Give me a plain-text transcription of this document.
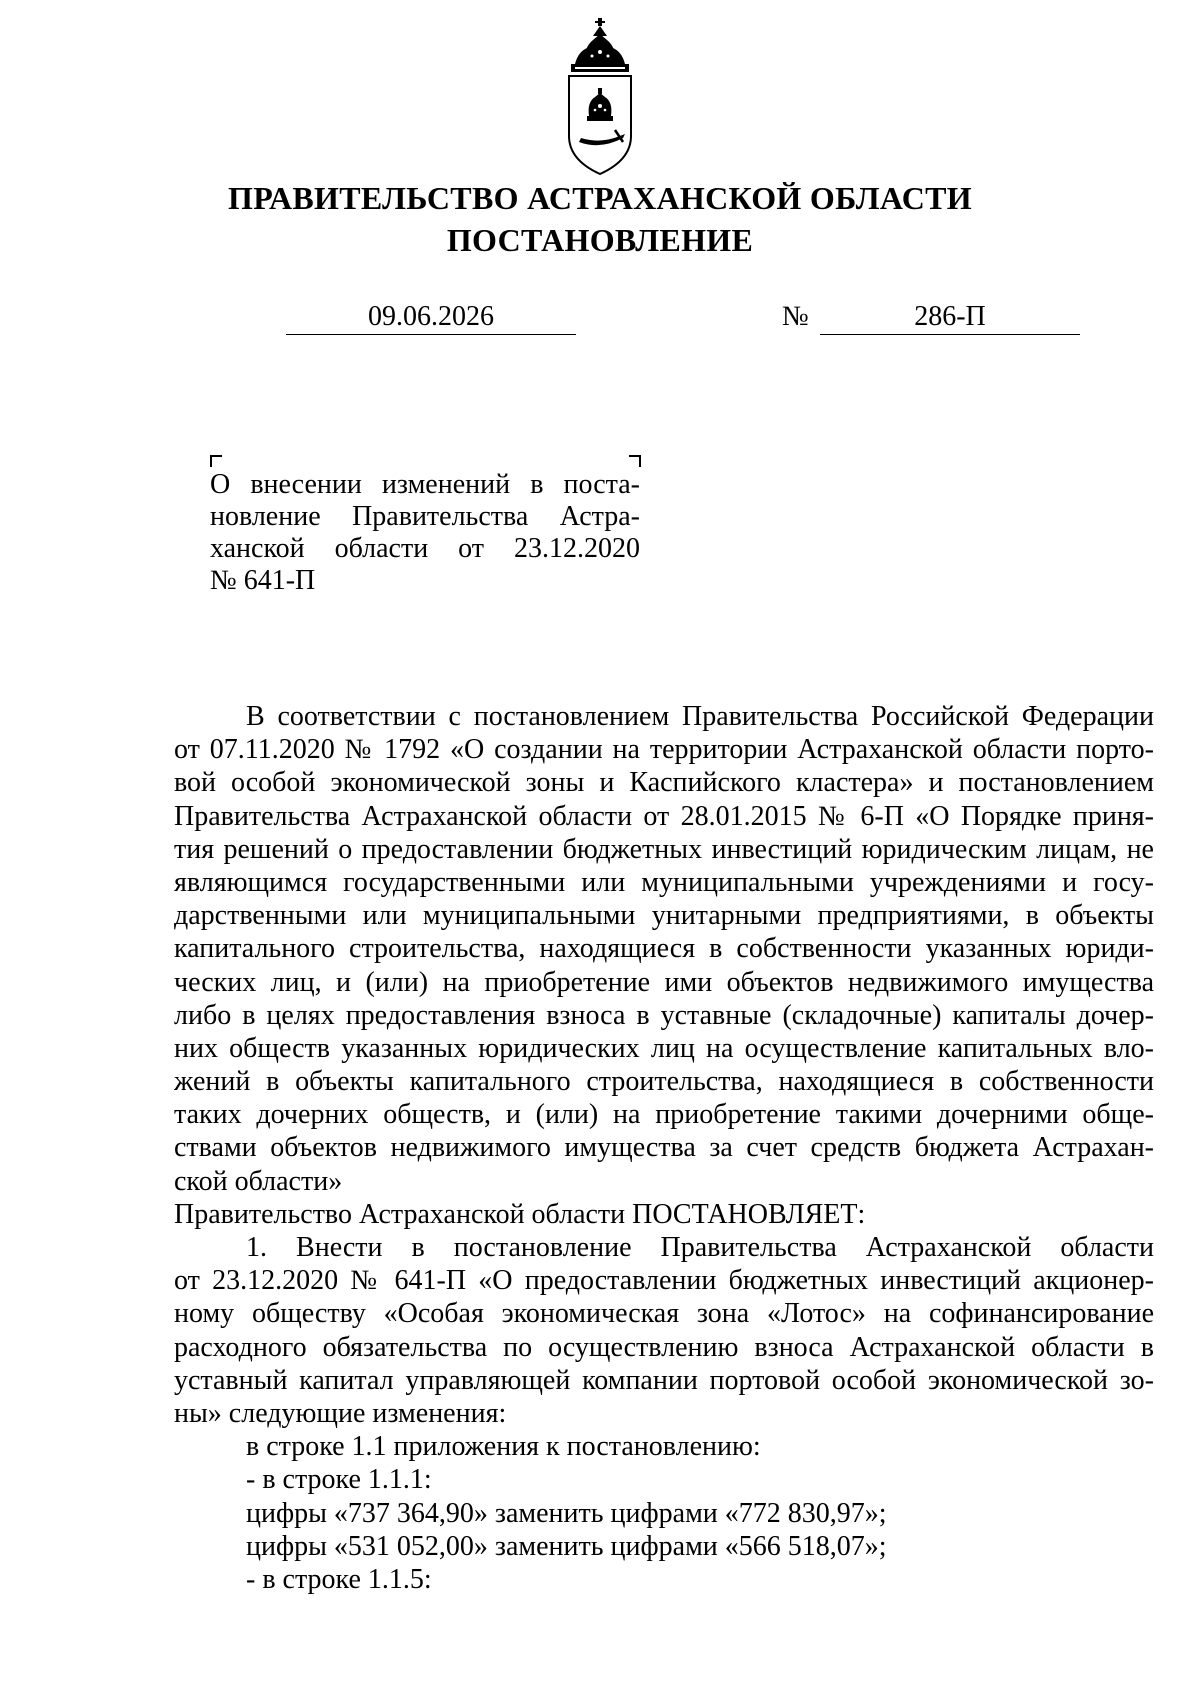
ПРАВИТЕЛЬСТВО АСТРАХАНСКОЙ ОБЛАСТИ
ПОСТАНОВЛЕНИЕ
09.06.2026	№	286-П
О внесении изменений в поста-
новление Правительства Астра-
ханской области от 23.12.2020
№ 641-П
В соответствии с постановлением Правительства Российской Федерации
от 07.11.2020 № 1792 «О создании на территории Астраханской области порто-
вой особой экономической зоны и Каспийского кластера» и постановлением
Правительства Астраханской области от 28.01.2015 № 6-П «О Порядке приня-
тия решений о предоставлении бюджетных инвестиций юридическим лицам, не
являющимся государственными или муниципальными учреждениями и госу-
дарственными или муниципальными унитарными предприятиями, в объекты
капитального строительства, находящиеся в собственности указанных юриди-
ческих лиц, и (или) на приобретение ими объектов недвижимого имущества
либо в целях предоставления взноса в уставные (складочные) капиталы дочер-
них обществ указанных юридических лиц на осуществление капитальных вло-
жений в объекты капитального строительства, находящиеся в собственности
таких дочерних обществ, и (или) на приобретение такими дочерними обще-
ствами объектов недвижимого имущества за счет средств бюджета Астрахан-
ской области»
Правительство Астраханской области ПОСТАНОВЛЯЕТ:
1. Внести в постановление Правительства Астраханской области
от 23.12.2020 № 641-П «О предоставлении бюджетных инвестиций акционер-
ному обществу «Особая экономическая зона «Лотос» на софинансирование
расходного обязательства по осуществлению взноса Астраханской области в
уставный капитал управляющей компании портовой особой экономической зо-
ны» следующие изменения:
в строке 1.1 приложения к постановлению:
- в строке 1.1.1:
цифры «737 364,90» заменить цифрами «772 830,97»;
цифры «531 052,00» заменить цифрами «566 518,07»;
- в строке 1.1.5:
